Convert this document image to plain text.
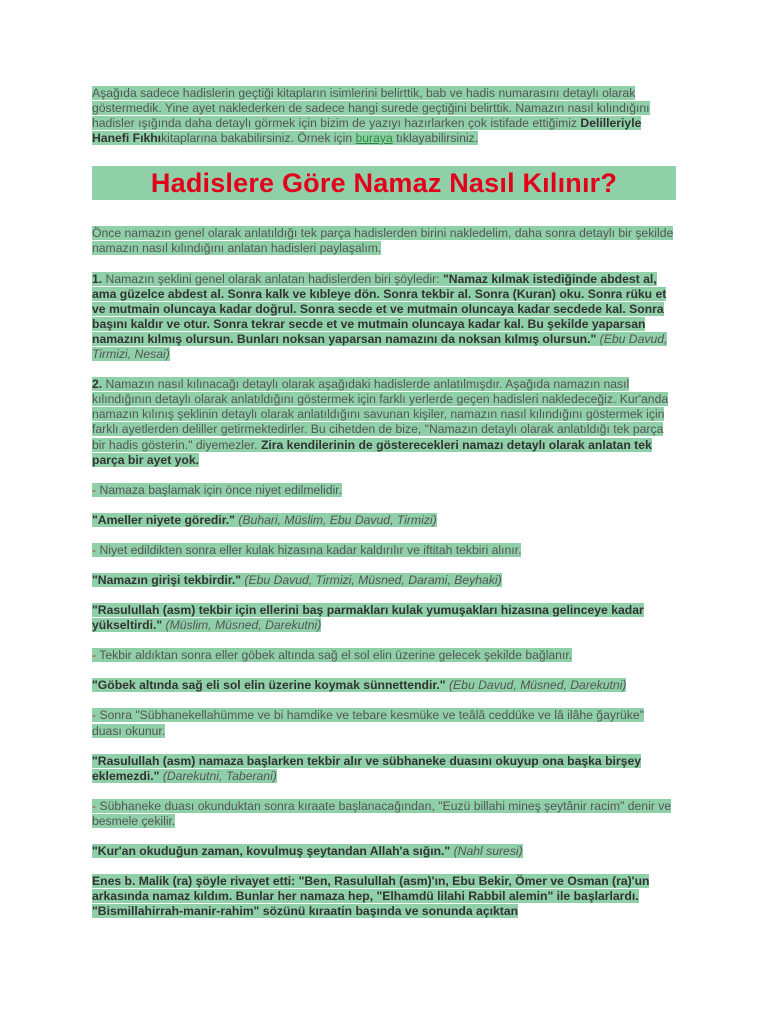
Aşağıda sadece hadislerin geçtiği kitapların isimlerini belirttik, bab ve hadis numarasını detaylı olarak göstermedik. Yine ayet naklederken de sadece hangi surede geçtiğini belirttik. Namazın nasıl kılındığını hadisler ışığında daha detaylı görmek için bizim de yazıyı hazırlarken çok istifade ettiğimiz Delilleriyle Hanefi Fıkhıkitaplarına bakabilirsiniz. Örnek için buraya tıklayabilirsiniz.

Hadislere Göre Namaz Nasıl Kılınır?

Önce namazın genel olarak anlatıldığı tek parça hadislerden birini nakledelim, daha sonra detaylı bir şekilde namazın nasıl kılındığını anlatan hadisleri paylaşalım.

1. Namazın şeklini genel olarak anlatan hadislerden biri şöyledir: "Namaz kılmak istediğinde abdest al, ama güzelce abdest al. Sonra kalk ve kıbleye dön. Sonra tekbir al. Sonra (Kuran) oku. Sonra rüku et ve mutmain oluncaya kadar doğrul. Sonra secde et ve mutmain oluncaya kadar secdede kal. Sonra başını kaldır ve otur. Sonra tekrar secde et ve mutmain oluncaya kadar kal. Bu şekilde yaparsan namazını kılmış olursun. Bunları noksan yaparsan namazını da noksan kılmış olursun." (Ebu Davud, Tirmizi, Nesai)

2. Namazın nasıl kılınacağı detaylı olarak aşağıdaki hadislerde anlatılmışdır. Aşağıda namazın nasıl kılındığının detaylı olarak anlatıldığını göstermek için farklı yerlerde geçen hadisleri nakledeceğiz. Kur'anda namazın kılınış şeklinin detaylı olarak anlatıldığını savunan kişiler, namazın nasıl kılındığını göstermek için farklı ayetlerden deliller getirmektedirler. Bu cihetden de bize, "Namazın detaylı olarak anlatıldığı tek parça bir hadis gösterin." diyemezler. Zira kendilerinin de gösterecekleri namazı detaylı olarak anlatan tek parça bir ayet yok.

- Namaza başlamak için önce niyet edilmelidir.

"Ameller niyete göredir." (Buhari, Müslim, Ebu Davud, Tirmizi)

- Niyet edildikten sonra eller kulak hizasına kadar kaldırılır ve iftitah tekbiri alınır.

"Namazın girişi tekbirdir." (Ebu Davud, Tirmizi, Müsned, Darami, Beyhaki)

"Rasulullah (asm) tekbir için ellerini baş parmakları kulak yumuşakları hizasına gelinceye kadar yükseltirdi." (Müslim, Müsned, Darekutni)

- Tekbir aldıktan sonra eller göbek altında sağ el sol elin üzerine gelecek şekilde bağlanır.

"Göbek altında sağ eli sol elin üzerine koymak sünnettendir." (Ebu Davud, Müsned, Darekutni)

- Sonra "Sübhanekellahümme ve bi hamdike ve tebare kesmüke ve teâlâ ceddüke ve lâ ilâhe ğayrüke" duası okunur.

"Rasulullah (asm) namaza başlarken tekbir alır ve sübhaneke duasını okuyup ona başka birşey eklemezdi." (Darekutni, Taberani)

- Sübhaneke duası okunduktan sonra kıraate başlanacağından, "Euzü billahi mineş şeytânir racim" denir ve besmele çekilir.

"Kur'an okuduğun zaman, kovulmuş şeytandan Allah'a sığın." (Nahl suresi)

Enes b. Malik (ra) şöyle rivayet etti: "Ben, Rasulullah (asm)'ın, Ebu Bekir, Ömer ve Osman (ra)'un arkasında namaz kıldım. Bunlar her namaza hep, "Elhamdü lilahi Rabbil alemin" ile başlarlardı. "Bismillahirrah-manir-rahim" sözünü kıraatin başında ve sonunda açıktan
